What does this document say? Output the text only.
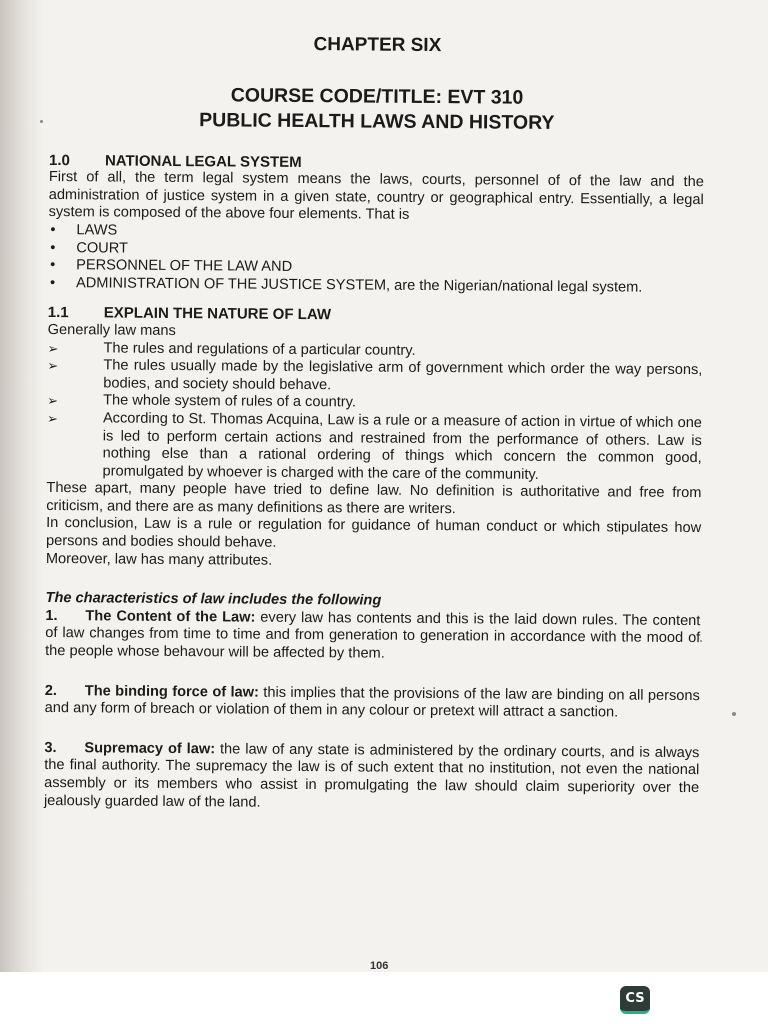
CHAPTER SIX
COURSE CODE/TITLE: EVT 310
PUBLIC HEALTH LAWS AND HISTORY
1.0 NATIONAL LEGAL SYSTEM

First of all, the term legal system means the laws, courts, personnel of of the law and the administration of justice system in a given state, country or geographical entry. Essentially, a legal system is composed of the above four elements. That is

• LAWS
• COURT
• PERSONNEL OF THE LAW AND
• ADMINISTRATION OF THE JUSTICE SYSTEM, are the Nigerian/national legal system.
1.1 EXPLAIN THE NATURE OF LAW

Generally law mans

➢	The rules and regulations of a particular country.
➢	The rules usually made by the legislative arm of government which order the way persons, bodies, and society should behave.
➢	The whole system of rules of a country.
➢	According to St. Thomas Acquina, Law is a rule or a measure of action in virtue of which one is led to perform certain actions and restrained from the performance of others. Law is nothing else than a rational ordering of things which concern the common good, promulgated by whoever is charged with the care of the community.

These apart, many people have tried to define law. No definition is authoritative and free from criticism, and there are as many definitions as there are writers.

In conclusion, Law is a rule or regulation for guidance of human conduct or which stipulates how persons and bodies should behave.

Moreover, law has many attributes.

The characteristics of law includes the following

1. The Content of the Law: every law has contents and this is the laid down rules. The content of law changes from time to time and from generation to generation in accordance with the mood of the people whose behavour will be affected by them.

2. The binding force of law: this implies that the provisions of the law are binding on all persons and any form of breach or violation of them in any colour or pretext will attract a sanction.

3. Supremacy of law: the law of any state is administered by the ordinary courts, and is always the final authority. The supremacy the law is of such extent that no institution, not even the national assembly or its members who assist in promulgating the law should claim superiority over the jealously guarded law of the land.

106
CS
